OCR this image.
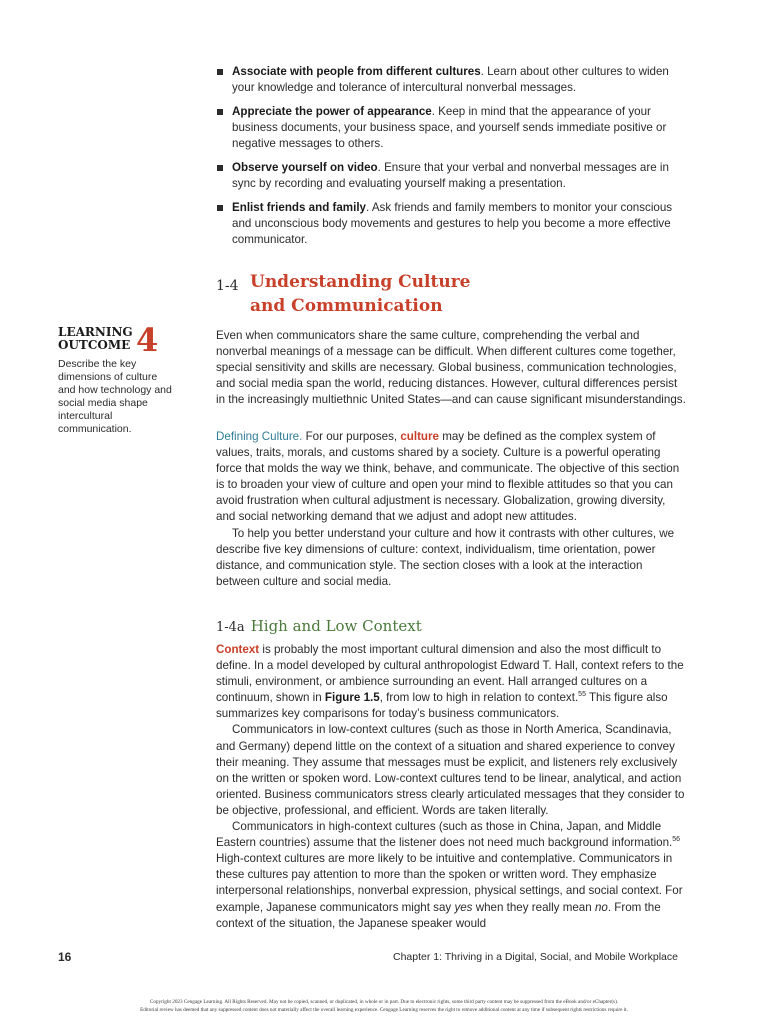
Associate with people from different cultures. Learn about other cultures to widen your knowledge and tolerance of intercultural nonverbal messages.
Appreciate the power of appearance. Keep in mind that the appearance of your business documents, your business space, and yourself sends immediate positive or negative messages to others.
Observe yourself on video. Ensure that your verbal and nonverbal messages are in sync by recording and evaluating yourself making a presentation.
Enlist friends and family. Ask friends and family members to monitor your conscious and unconscious body movements and gestures to help you become a more effective communicator.
1-4 Understanding Culture
and Communication
LEARNING
OUTCOME 4
Describe the key dimensions of culture and how technology and social media shape intercultural communication.

Even when communicators share the same culture, comprehending the verbal and nonverbal meanings of a message can be difficult. When different cultures come together, special sensitivity and skills are necessary. Global business, communication technologies, and social media span the world, reducing distances. However, cultural differences persist in the increasingly multiethnic United States—and can cause significant misunderstandings.

Defining Culture. For our purposes, culture may be defined as the complex system of values, traits, morals, and customs shared by a society. Culture is a powerful operating force that molds the way we think, behave, and communicate. The objective of this section is to broaden your view of culture and open your mind to flexible attitudes so that you can avoid frustration when cultural adjustment is necessary. Globalization, growing diversity, and social networking demand that we adjust and adopt new attitudes.

To help you better understand your culture and how it contrasts with other cultures, we describe five key dimensions of culture: context, individualism, time orientation, power distance, and communication style. The section closes with a look at the interaction between culture and social media.

1-4a High and Low Context

Context is probably the most important cultural dimension and also the most difficult to define. In a model developed by cultural anthropologist Edward T. Hall, context refers to the stimuli, environment, or ambience surrounding an event. Hall arranged cultures on a continuum, shown in Figure 1.5, from low to high in relation to context.$^{55}$ This figure also summarizes key comparisons for today’s business communicators.

Communicators in low-context cultures (such as those in North America, Scandinavia, and Germany) depend little on the context of a situation and shared experience to convey their meaning. They assume that messages must be explicit, and listeners rely exclusively on the written or spoken word. Low-context cultures tend to be linear, analytical, and action oriented. Business communicators stress clearly articulated messages that they consider to be objective, professional, and efficient. Words are taken literally.

Communicators in high-context cultures (such as those in China, Japan, and Middle Eastern countries) assume that the listener does not need much background information.$^{56}$ High-context cultures are more likely to be intuitive and contemplative. Communicators in these cultures pay attention to more than the spoken or written word. They emphasize interpersonal relationships, nonverbal expression, physical settings, and social context. For example, Japanese communicators might say yes when they really mean no. From the context of the situation, the Japanese speaker would

16	Chapter 1: Thriving in a Digital, Social, and Mobile Workplace
Copyright 2023 Cengage Learning. All Rights Reserved. May not be copied, scanned, or duplicated, in whole or in part. Due to electronic rights, some third party content may be suppressed from the eBook and/or eChapter(s).
Editorial review has deemed that any suppressed content does not materially affect the overall learning experience. Cengage Learning reserves the right to remove additional content at any time if subsequent rights restrictions require it.
